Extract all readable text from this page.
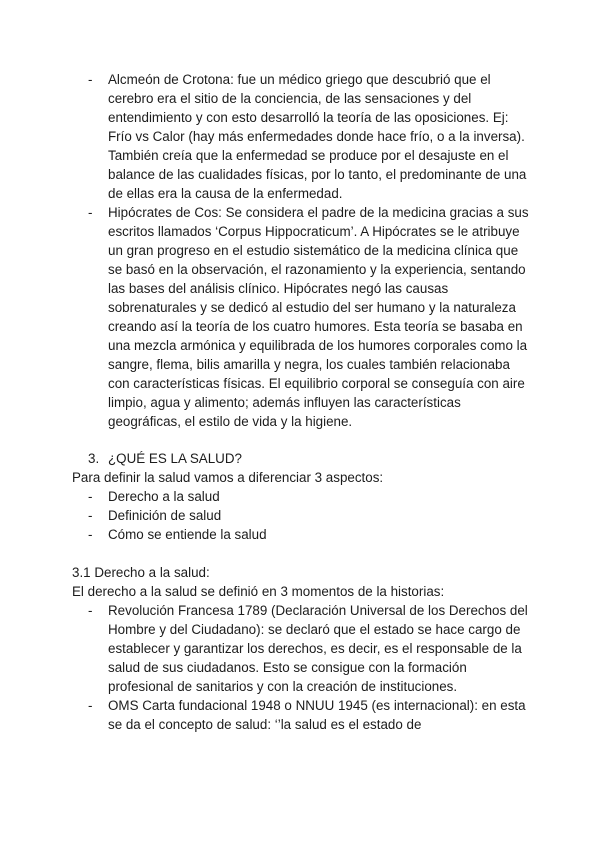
- Alcmeón de Crotona: fue un médico griego que descubrió que el cerebro era el sitio de la conciencia, de las sensaciones y del entendimiento y con esto desarrolló la teoría de las oposiciones. Ej: Frío vs Calor (hay más enfermedades donde hace frío, o a la inversa). También creía que la enfermedad se produce por el desajuste en el balance de las cualidades físicas, por lo tanto, el predominante de una de ellas era la causa de la enfermedad.
- Hipócrates de Cos: Se considera el padre de la medicina gracias a sus escritos llamados ‘Corpus Hippocraticum’. A Hipócrates se le atribuye un gran progreso en el estudio sistemático de la medicina clínica que se basó en la observación, el razonamiento y la experiencia, sentando las bases del análisis clínico. Hipócrates negó las causas sobrenaturales y se dedicó al estudio del ser humano y la naturaleza creando así la teoría de los cuatro humores. Esta teoría se basaba en una mezcla armónica y equilibrada de los humores corporales como la sangre, flema, bilis amarilla y negra, los cuales también relacionaba con características físicas. El equilibrio corporal se conseguía con aire limpio, agua y alimento; además influyen las características geográficas, el estilo de vida y la higiene.
3. ¿QUÉ ES LA SALUD?

Para definir la salud vamos a diferenciar 3 aspectos:

- Derecho a la salud
- Definición de salud
- Cómo se entiende la salud

3.1 Derecho a la salud:

El derecho a la salud se definió en 3 momentos de la historias:

- Revolución Francesa 1789 (Declaración Universal de los Derechos del Hombre y del Ciudadano): se declaró que el estado se hace cargo de establecer y garantizar los derechos, es decir, es el responsable de la salud de sus ciudadanos. Esto se consigue con la formación profesional de sanitarios y con la creación de instituciones.
- OMS Carta fundacional 1948 o NNUU 1945 (es internacional): en esta se da el concepto de salud: ‘’la salud es el estado de
